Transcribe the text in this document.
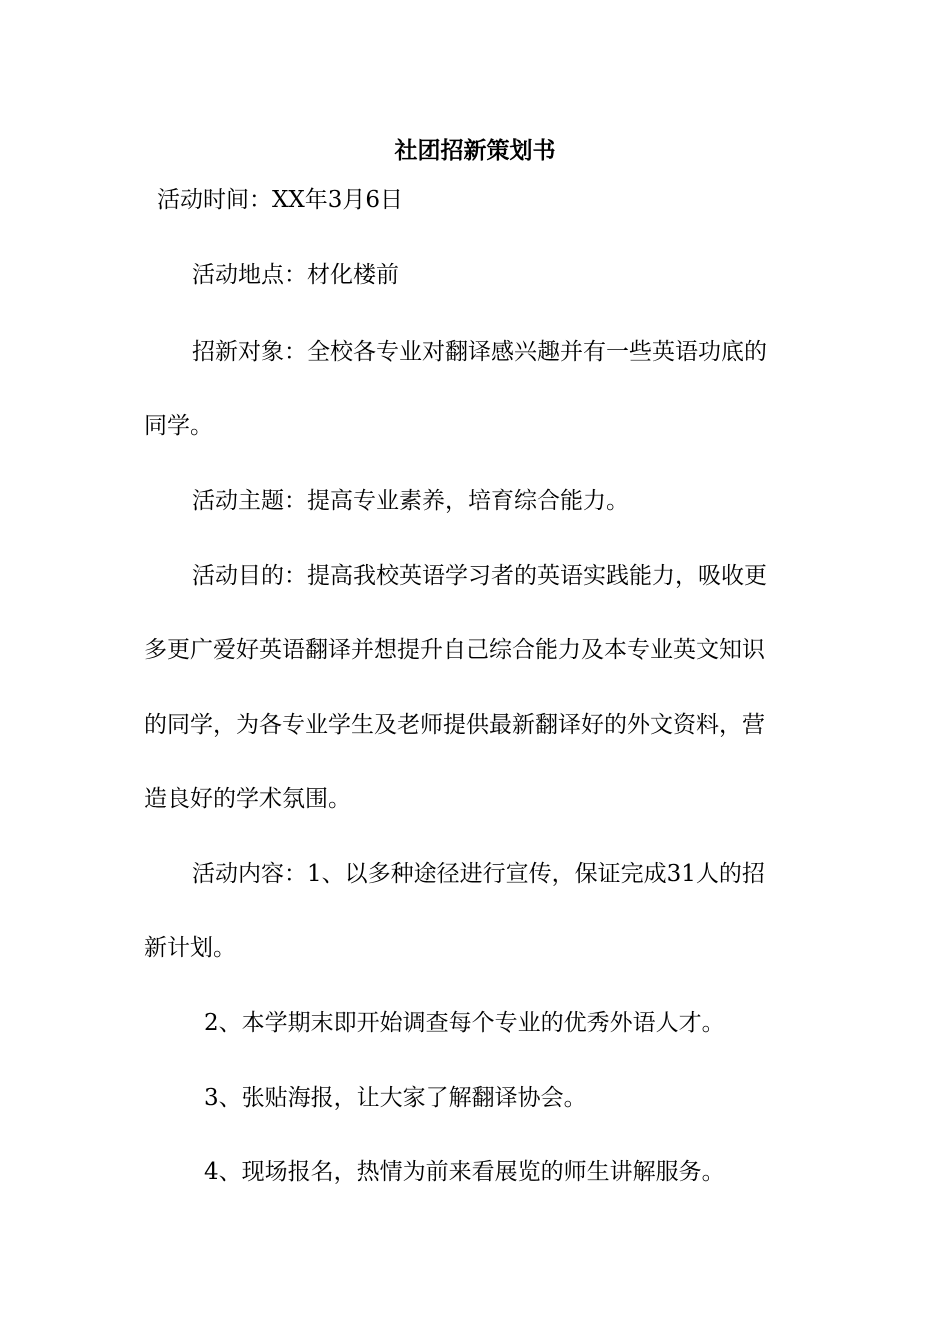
社团招新策划书

活动时间：XX年3月6日

活动地点：材化楼前

招新对象：全校各专业对翻译感兴趣并有一些英语功底的

同学。

活动主题：提高专业素养，培育综合能力。

活动目的：提高我校英语学习者的英语实践能力，吸收更

多更广爱好英语翻译并想提升自己综合能力及本专业英文知识

的同学，为各专业学生及老师提供最新翻译好的外文资料，营

造良好的学术氛围。

活动内容：1、以多种途径进行宣传，保证完成31人的招

新计划。

2、本学期末即开始调查每个专业的优秀外语人才。

3、张贴海报，让大家了解翻译协会。

4、现场报名，热情为前来看展览的师生讲解服务。
